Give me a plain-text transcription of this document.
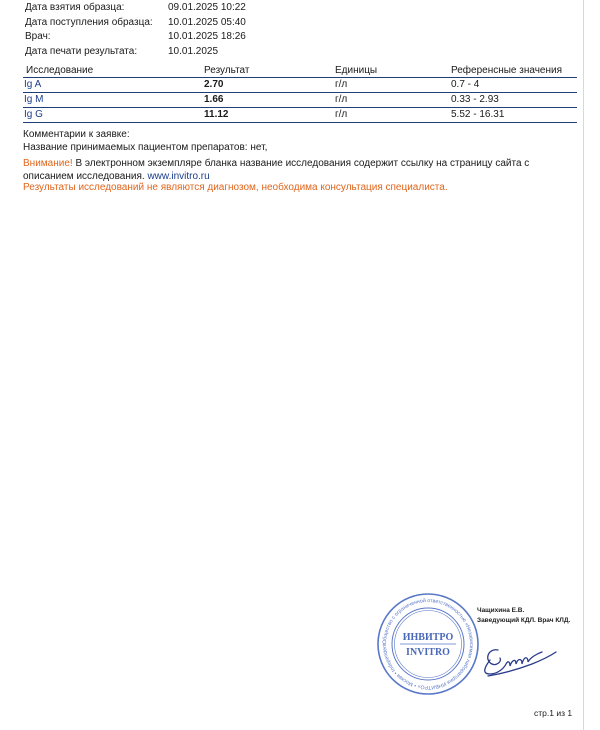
Дата взятия образца:	09.01.2025 10:22
Дата поступления образца:	10.01.2025 05:40
Врач:	10.01.2025 18:26
Дата печати результата:	10.01.2025
Исследование	Результат	Единицы	Референсные значения
Ig A	2.70	г/л	0.7 - 4
Ig M	1.66	г/л	0.33 - 2.93
Ig G	11.12	г/л	5.52 - 16.31
Комментарии к заявке:
Название принимаемых пациентом препаратов: нет,
Внимание! В электронном экземпляре бланка название исследования содержит ссылку на страницу сайта с описанием исследования. www.invitro.ru
Результаты исследований не являются диагнозом, необходима консультация специалиста.
Общество с ограниченной ответственностью «Независимая лаборатория ИНВИТРО» • Москва • Independent
ИНВИТРО
INVITRO
Чащихина Е.В.
Заведующий КДЛ. Врач КЛД.
стр.1 из 1
